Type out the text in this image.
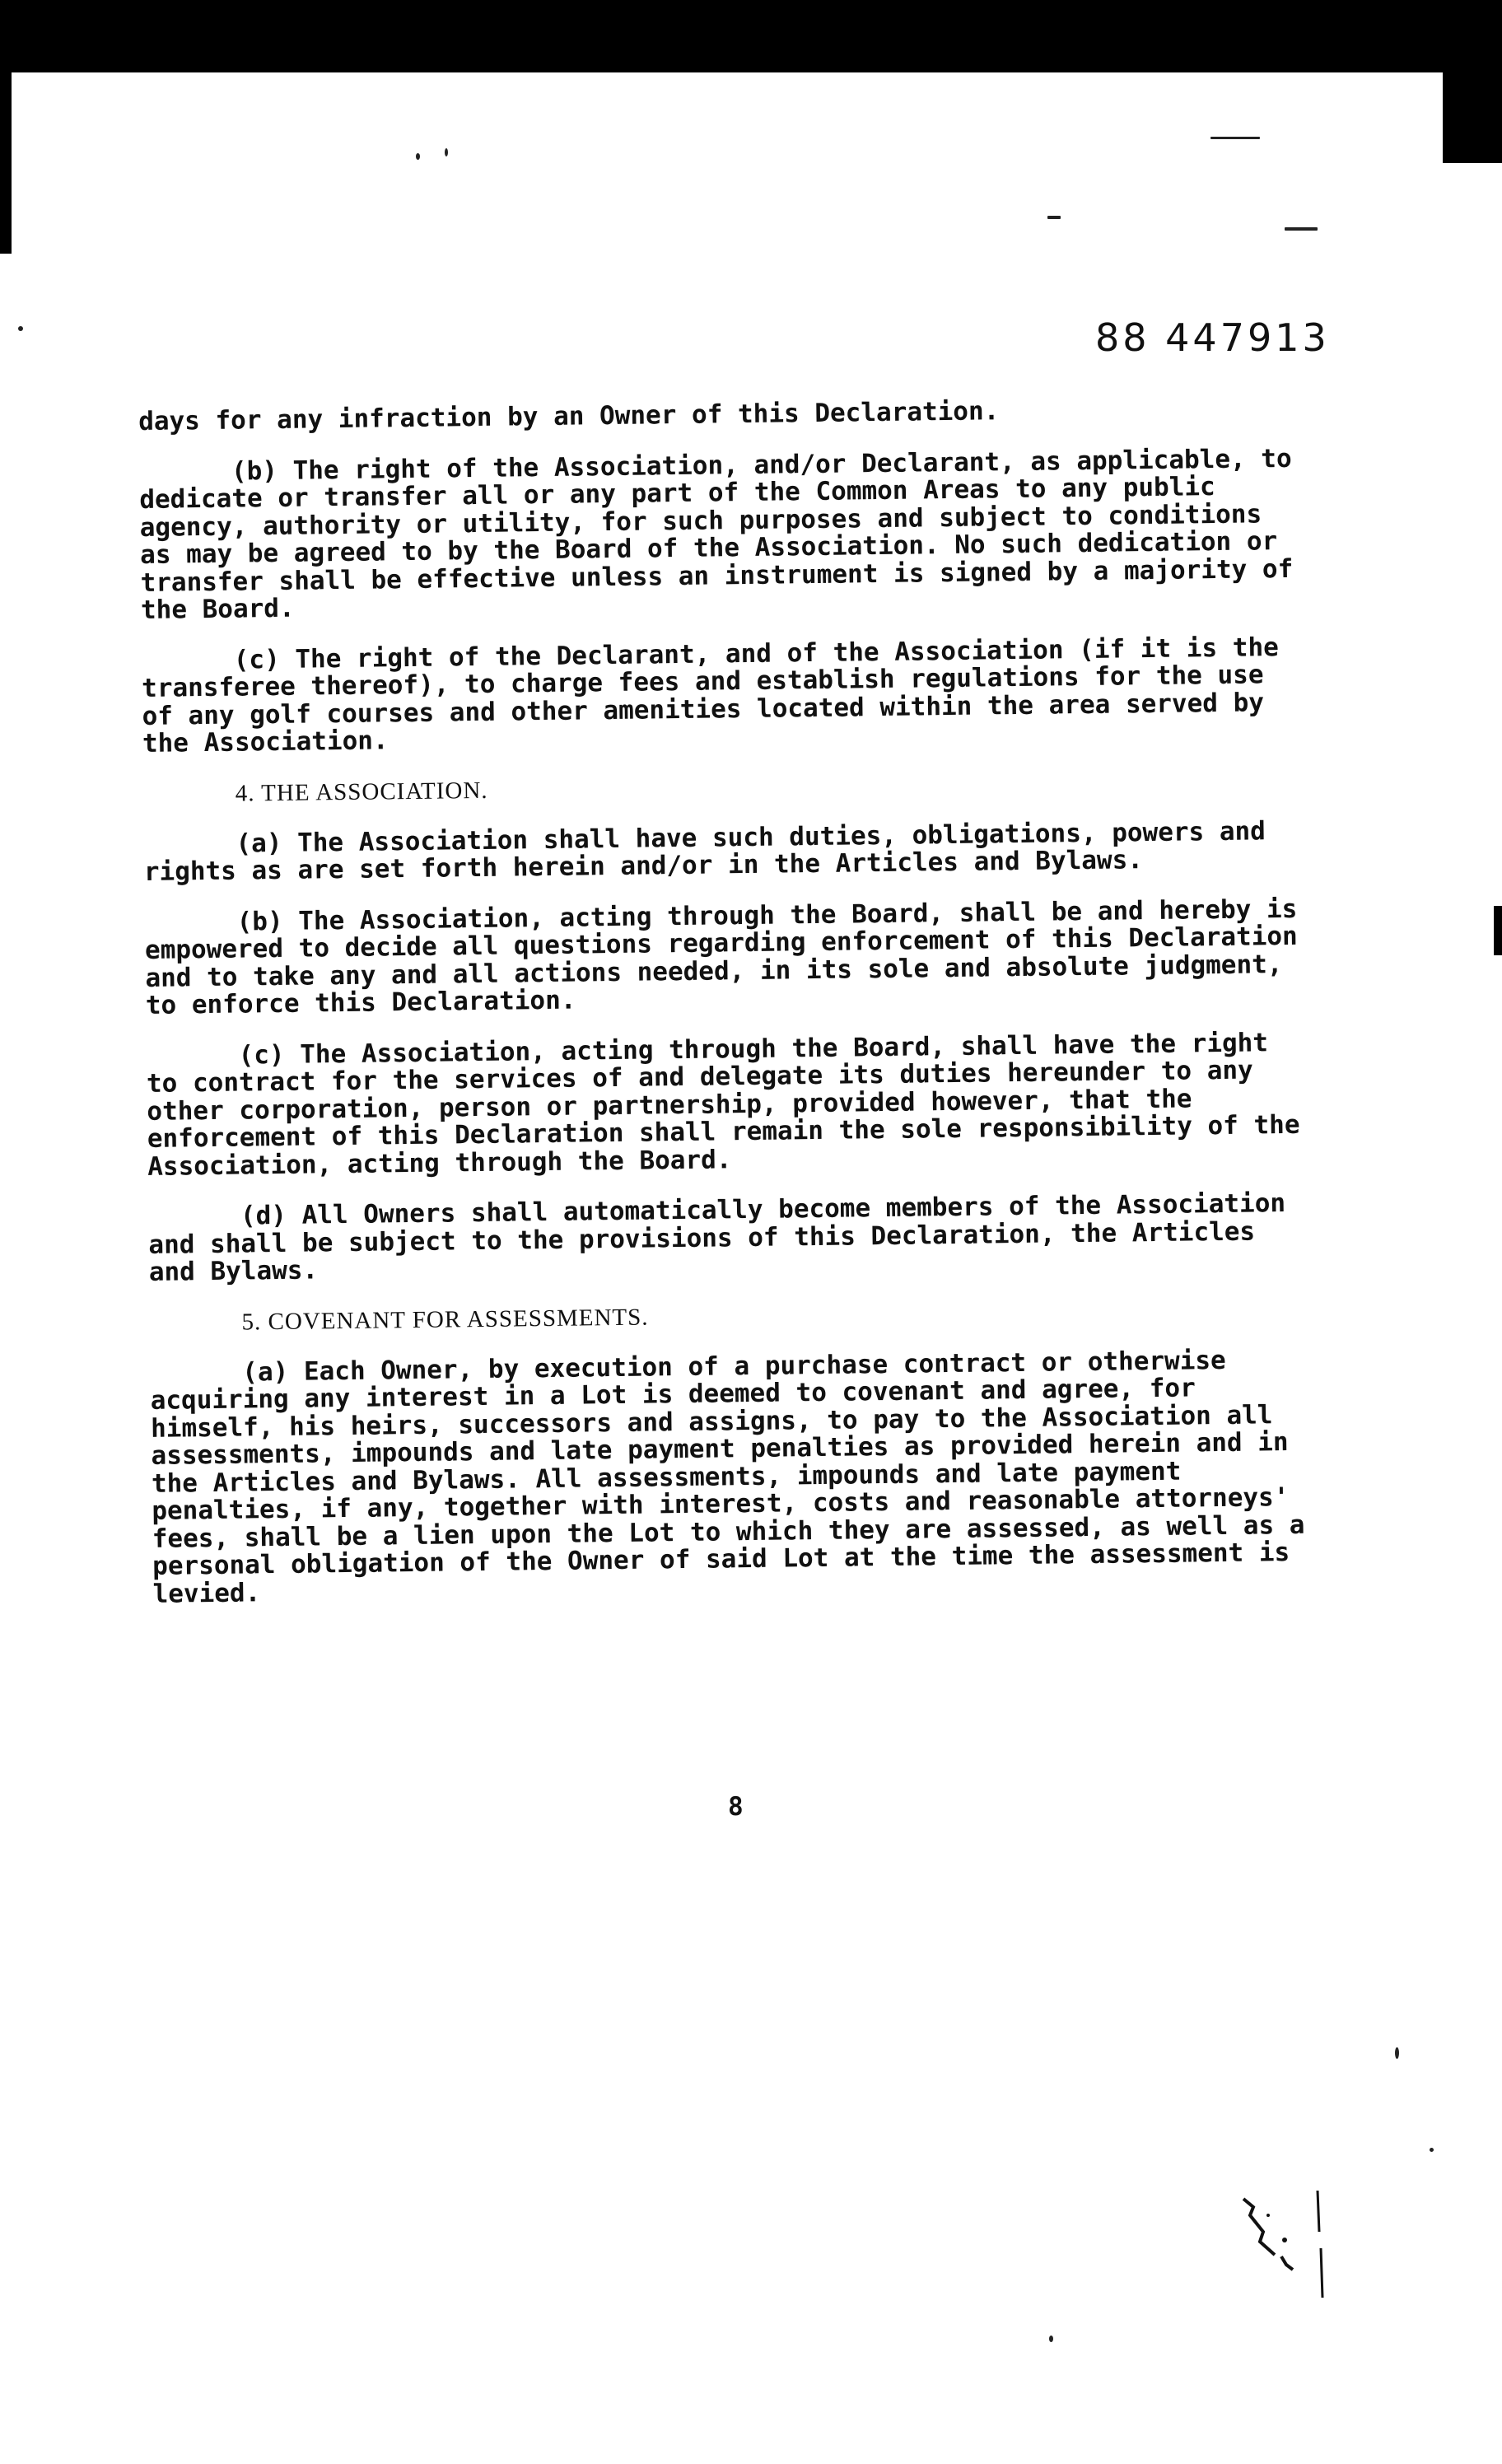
88 447913

days for any infraction by an Owner of this Declaration.

(b) The right of the Association, and/or Declarant, as applicable, to dedicate or transfer all or any part of the Common Areas to any public agency, authority or utility, for such purposes and subject to conditions as may be agreed to by the Board of the Association. No such dedication or transfer shall be effective unless an instrument is signed by a majority of the Board.

(c) The right of the Declarant, and of the Association (if it is the transferee thereof), to charge fees and establish regulations for the use of any golf courses and other amenities located within the area served by the Association.

4. THE ASSOCIATION.

(a) The Association shall have such duties, obligations, powers and rights as are set forth herein and/or in the Articles and Bylaws.

(b) The Association, acting through the Board, shall be and hereby is empowered to decide all questions regarding enforcement of this Declaration and to take any and all actions needed, in its sole and absolute judgment, to enforce this Declaration.

(c) The Association, acting through the Board, shall have the right to contract for the services of and delegate its duties hereunder to any other corporation, person or partnership, provided however, that the enforcement of this Declaration shall remain the sole responsibility of the Association, acting through the Board.

(d) All Owners shall automatically become members of the Association and shall be subject to the provisions of this Declaration, the Articles and Bylaws.

5. COVENANT FOR ASSESSMENTS.

(a) Each Owner, by execution of a purchase contract or otherwise acquiring any interest in a Lot is deemed to covenant and agree, for himself, his heirs, successors and assigns, to pay to the Association all assessments, impounds and late payment penalties as provided herein and in the Articles and Bylaws. All assessments, impounds and late payment penalties, if any, together with interest, costs and reasonable attorneys' fees, shall be a lien upon the Lot to which they are assessed, as well as a personal obligation of the Owner of said Lot at the time the assessment is levied.

8
